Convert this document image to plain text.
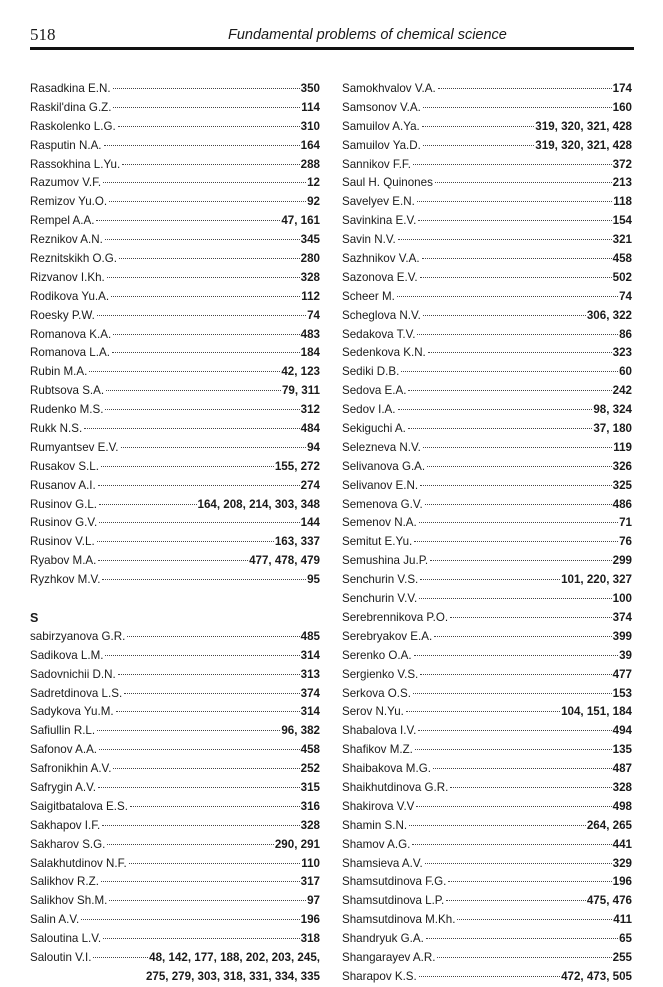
518	Fundamental problems of chemical science
Rasadkina E.N.	350
Raskil'dina G.Z.	114
Raskolenko L.G.	310
Rasputin N.A.	164
Rassokhina L.Yu.	288
Razumov V.F.	12
Remizov Yu.O.	92
Rempel A.A.	47, 161
Reznikov A.N.	345
Reznitskikh O.G.	280
Rizvanov I.Kh.	328
Rodikova Yu.A.	112
Roesky P.W.	74
Romanova K.A.	483
Romanova L.A.	184
Rubin M.A.	42, 123
Rubtsova S.A.	79, 311
Rudenko M.S.	312
Rukk N.S.	484
Rumyantsev E.V.	94
Rusakov S.L.	155, 272
Rusanov A.I.	274
Rusinov G.L.	164, 208, 214, 303, 348
Rusinov G.V.	144
Rusinov V.L.	163, 337
Ryabov M.A.	477, 478, 479
Ryzhkov M.V.	95
S
sabirzyanova G.R.	485
Sadikova L.M.	314
Sadovnichii D.N.	313
Sadretdinova L.S.	374
Sadykova Yu.M.	314
Safiullin R.L.	96, 382
Safonov A.A.	458
Safronikhin A.V.	252
Safrygin A.V.	315
Saigitbatalova E.S.	316
Sakhapov I.F.	328
Sakharov S.G.	290, 291
Salakhutdinov N.F.	110
Salikhov R.Z.	317
Salikhov Sh.M.	97
Salin A.V.	196
Saloutina L.V.	318
Saloutin V.I.	48, 142, 177, 188, 202, 203, 245,
275, 279, 303, 318, 331, 334, 335
Samokhvalov V.A.	174
Samsonov V.A.	160
Samuilov A.Ya.	319, 320, 321, 428
Samuilov Ya.D.	319, 320, 321, 428
Sannikov F.F.	372
Saul H. Quinones	213
Savelyev E.N.	118
Savinkina E.V.	154
Savin N.V.	321
Sazhnikov V.A.	458
Sazonova E.V.	502
Scheer M.	74
Scheglova N.V.	306, 322
Sedakova T.V.	86
Sedenkova K.N.	323
Sediki D.B.	60
Sedova E.A.	242
Sedov I.A.	98, 324
Sekiguchi A.	37, 180
Selezneva N.V.	119
Selivanova G.A.	326
Selivanov E.N.	325
Semenova G.V.	486
Semenov N.A.	71
Semitut E.Yu.	76
Semushina Ju.P.	299
Senchurin V.S.	101, 220, 327
Senchurin V.V.	100
Serebrennikova P.O.	374
Serebryakov E.A.	399
Serenko O.A.	39
Sergienko V.S.	477
Serkova O.S.	153
Serov N.Yu.	104, 151, 184
Shabalova I.V.	494
Shafikov M.Z.	135
Shaibakova M.G.	487
Shaikhutdinova G.R.	328
Shakirova V.V	498
Shamin S.N.	264, 265
Shamov A.G.	441
Shamsieva A.V.	329
Shamsutdinova F.G.	196
Shamsutdinova L.P.	475, 476
Shamsutdinova M.Kh.	411
Shandryuk G.A.	65
Shangarayev A.R.	255
Sharapov K.S.	472, 473, 505
